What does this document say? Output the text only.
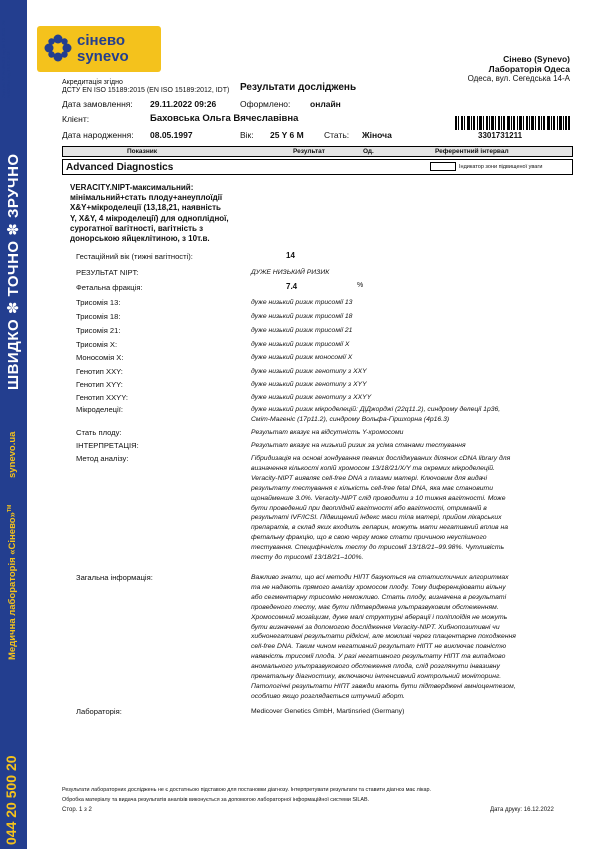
ШВИДКО ✽ ТОЧНО ✽ ЗРУЧНО
synevo.ua
Медична лабораторія «Сінево»™
044 20 500 20
Ліцензія АГ №596651 від 26.12.2011; АЕ №636994 від 26.04.2015
сінево
synevo
Акредитація згідно
ДСТУ EN ISO 15189:2015 (EN ISO 15189:2012, IDT) Результати досліджень
Сінево (Synevo)
Лабораторія Одеса
Одеса, вул. Сегедська 14-А
Дата замовлення: 29.11.2022 09:26	Оформлено: онлайн
Клієнт:	Баховська Ольга Вячеславівна
Дата народження: 08.05.1997	Вік: 25 Y 6 M Стать: Жіноча	3301731211
Показник	Результат	Од.	Референтний інтервал
Advanced Diagnostics	Індикатор зони підвищеної уваги
VERACITY.NIPT-максимальний:
мінімальний+стать плоду+анеуплоїдії
X&Y+мікроделеції (13,18,21, наявність
Y, X&Y, 4 мікроделеції) для одноплідної,
сурогатної вагітності, вагітність з
донорською яйцеклітиною, з 10т.в.
Гестаційний вік (тижні вагітності):	14
РЕЗУЛЬТАТ NIPT:	ДУЖЕ НИЗЬКИЙ РИЗИК
Фетальна фракція:	7.4	%
Трисомія 13:	дуже низький ризик трисомії 13
Трисомія 18:	дуже низький ризик трисомії 18
Трисомія 21:	дуже низький ризик трисомії 21
Трисомія X:	дуже низький ризик трисомії X
Моносомія X:	дуже низький ризик моносомії X
Генотип XXY:	дуже низький ризик генотипу з XXY
Генотип XYY:	дуже низький ризик генотипу з XYY
Генотип XXYY:	дуже низький ризик генотипу з XXYY
Мікроделеції:	дуже низький ризик мікроделецій: ДіДжорджі (22q11.2), синдрому делеції 1p36,
Сміт-Магеніс (17p11.2), синдрому Вольфа-Гіршхорна (4p16.3)
Стать плоду:	Результат вказує на відсутність Y-хромосоми
ІНТЕРПРЕТАЦІЯ:	Результат вказує на низький ризик за усіма станами тестування
Метод аналізу:	Гібридизація на основі зондування певних досліджуваних ділянок cDNA library для
визначення кількості копій хромосом 13/18/21/X/Y та окремих мікроделецій.
Veracity-NIPT виявляє cell-free DNA з плазми матері. Ключовим для видачі
результату тестування є кількість cell-free fetal DNA, яка має становити
щонайменше 3.0%. Veracity-NIPT слід проводити з 10 тижня вагітності. Може
бути проведений при двоплідній вагітності або вагітності, отриманій в
результаті IVF/ICSI. Підвищений індекс маси тіла матері, прийом лікарських
препаратів, в склад яких входить гепарин, можуть мати негативний вплив на
фетальну фракцію, що в свою чергу може стати причиною неуспішного
тестування. Специфічність тесту до трисомії 13/18/21–99.98%. Чутливість
тесту до трисомії 13/18/21–100%.
Загальна інформація:	Важливо знати, що всі методи НІПТ базуються на статистичних алгоритмах
та не надають прямого аналізу хромосом плоду. Тому диференціювати вільну
або сегментарну трисомію неможливо. Стать плоду, визначена в результаті
проведеного тесту, має бути підтверджена ультразвуковим обстеженням.
Хромосомний мозаїцизм, дуже малі структурні аберації і поліплоїдія не можуть
бути визначенні за допомогою дослідження Veracity-NIPT. Хибнопозитивні чи
хибнонегативні результати рідкісні, але можливі через плацентарне походження
cell-free DNA. Таким чином негативний результат НІПТ не виключає повністю
наявність трисомії плода. У разі негативного результату НІПТ та випадково
аномального ультразвукового обстеження плода, слід розглянути інвазивну
пренатальну діагностику, включаючи інтенсивний контрольний моніторинг.
Патологічні результати НІПТ завжди мають бути підтверджені амніоцентезом,
особливо якщо розглядається штучний аборт.
Лабораторія:	Medicover Genetics GmbH, Martinsried (Germany)
Результати лабораторних досліджень не є достатньою підставою для постановки діагнозу. Інтерпретувати результати та ставити діагноз має лікар.
Обробка матеріалу та видача результатів аналізів виконується за допомогою лабораторної інформаційної системи SILAB.
Стор. 1 з 2	Дата друку: 16.12.2022
